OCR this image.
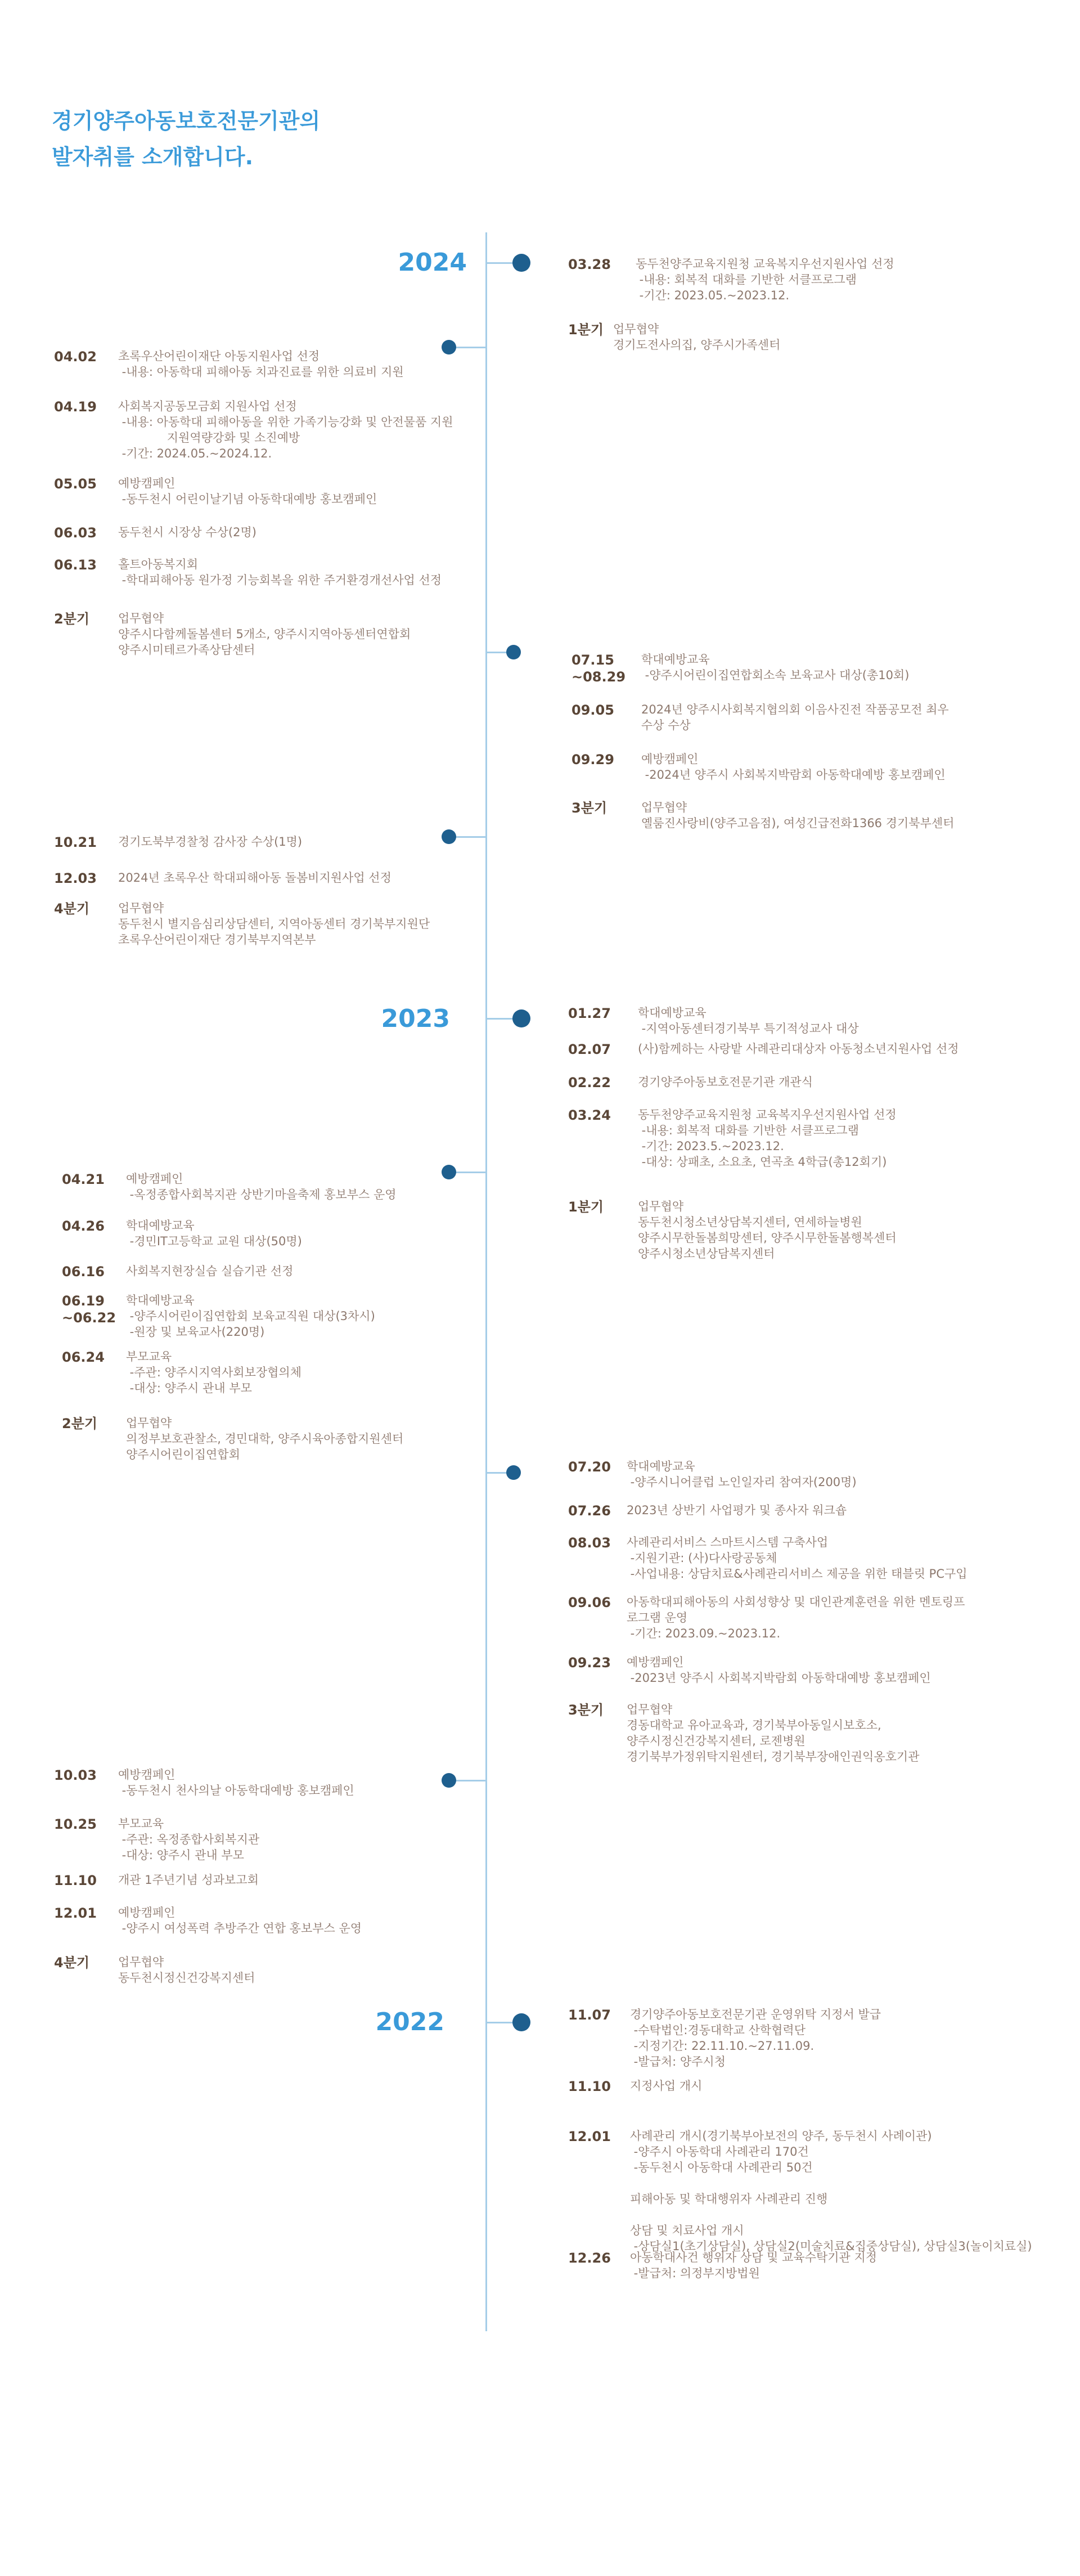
경기양주아동보호전문기관의
발자취를 소개합니다.
2024
2023
2022
03.28 동두천양주교육지원청 교육복지우선지원사업 선정
-내용: 회복적 대화를 기반한 서클프로그램
-기간: 2023.05.~2023.12.
1분기 업무협약
경기도전사의집, 양주시가족센터
04.02 초록우산어린이재단 아동지원사업 선정
-내용: 아동학대 피해아동 치과진료를 위한 의료비 지원
04.19 사회복지공동모금회 지원사업 선정
-내용: 아동학대 피해아동을 위한 가족기능강화 및 안전물품 지원
지원역량강화 및 소진예방
-기간: 2024.05.~2024.12.
05.05 예방캠페인
-동두천시 어린이날기념 아동학대예방 홍보캠페인
06.03 동두천시 시장상 수상(2명)
06.13 홀트아동복지회
-학대피해아동 원가정 기능회복을 위한 주거환경개선사업 선정
2분기 업무협약
양주시다함께돌봄센터 5개소, 양주시지역아동센터연합회
양주시미테르가족상담센터
07.15
~08.29
학대예방교육
-양주시어린이집연합회소속 보육교사 대상(총10회)
09.05 2024년 양주시사회복지협의회 이음사진전 작품공모전 최우
수상 수상
09.29 예방캠페인
-2024년 양주시 사회복지박람회 아동학대예방 홍보캠페인
3분기	업무협약
옐룸진사랑비(양주고음점), 여성긴급전화1366 경기북부센터
10.21 경기도북부경찰청 감사장 수상(1명)
12.03 2024년 초록우산 학대피해아동 돌봄비지원사업 선정
4분기 업무협약
동두천시 별지음심리상담센터, 지역아동센터 경기북부지원단
초록우산어린이재단 경기북부지역본부
01.27 학대예방교육
-지역아동센터경기북부 특기적성교사 대상
02.07 (사)함께하는 사랑밭 사례관리대상자 아동청소년지원사업 선정
02.22 경기양주아동보호전문기관 개관식
03.24 동두천양주교육지원청 교육복지우선지원사업 선정
-내용: 회복적 대화를 기반한 서클프로그램
-기간: 2023.5.~2023.12.
-대상: 상패초, 소요초, 연곡초 4학급(총12회기)
1분기	업무협약
동두천시청소년상담복지센터, 연세하늘병원
양주시무한돌봄희망센터, 양주시무한돌봄행복센터
양주시청소년상담복지센터
04.21 예방캠페인
-옥정종합사회복지관 상반기마을축제 홍보부스 운영
04.26 학대예방교육
-경민IT고등학교 교원 대상(50명)
06.16 사회복지현장실습 실습기관 선정
06.19
~06.22
학대예방교육
-양주시어린이집연합회 보육교직원 대상(3차시)
-원장 및 보육교사(220명)
06.24 부모교육
-주관: 양주시지역사회보장협의체
-대상: 양주시 관내 부모
2분기 업무협약
의정부보호관찰소, 경민대학, 양주시육아종합지원센터
양주시어린이집연합회
07.20 학대예방교육
-양주시니어클럽 노인일자리 참여자(200명)
07.26 2023년 상반기 사업평가 및 종사자 워크숍
08.03 사례관리서비스 스마트시스템 구축사업
-지원기관: (사)다사랑공동체
-사업내용: 상담치료&사례관리서비스 제공을 위한 태블릿 PC구입
09.06 아동학대피해아동의 사회성향상 및 대인관계훈련을 위한 멘토링프
로그램 운영
-기간: 2023.09.~2023.12.
09.23 예방캠페인
-2023년 양주시 사회복지박람회 아동학대예방 홍보캠페인
3분기 업무협약
경동대학교 유아교육과, 경기북부아동일시보호소,
양주시정신건강복지센터, 로젠병원
경기북부가정위탁지원센터, 경기북부장애인권익옹호기관
10.03 예방캠페인
-동두천시 천사의날 아동학대예방 홍보캠페인
10.25 부모교육
-주관: 옥정종합사회복지관
-대상: 양주시 관내 부모
11.10 개관 1주년기념 성과보고회
12.01 예방캠페인
-양주시 여성폭력 추방주간 연합 홍보부스 운영
4분기 업무협약
동두천시정신건강복지센터
11.07 경기양주아동보호전문기관 운영위탁 지정서 발급
-수탁법인:경동대학교 산학협력단
-지정기간: 22.11.10.~27.11.09.
-발급처: 양주시청
11.10 지정사업 개시
12.01 사례관리 개시(경기북부아보전의 양주, 동두천시 사례이관)
-양주시 아동학대 사례관리 170건
-동두천시 아동학대 사례관리 50건
피해아동 및 학대행위자 사례관리 진행
상담 및 치료사업 개시
-상담실1(초기상담실), 상담실2(미술치료&집중상담실), 상담실3(놀이치료실)
12.26 아동학대사건 행위자 상담 및 교육수탁기관 지정
-발급처: 의정부지방법원
